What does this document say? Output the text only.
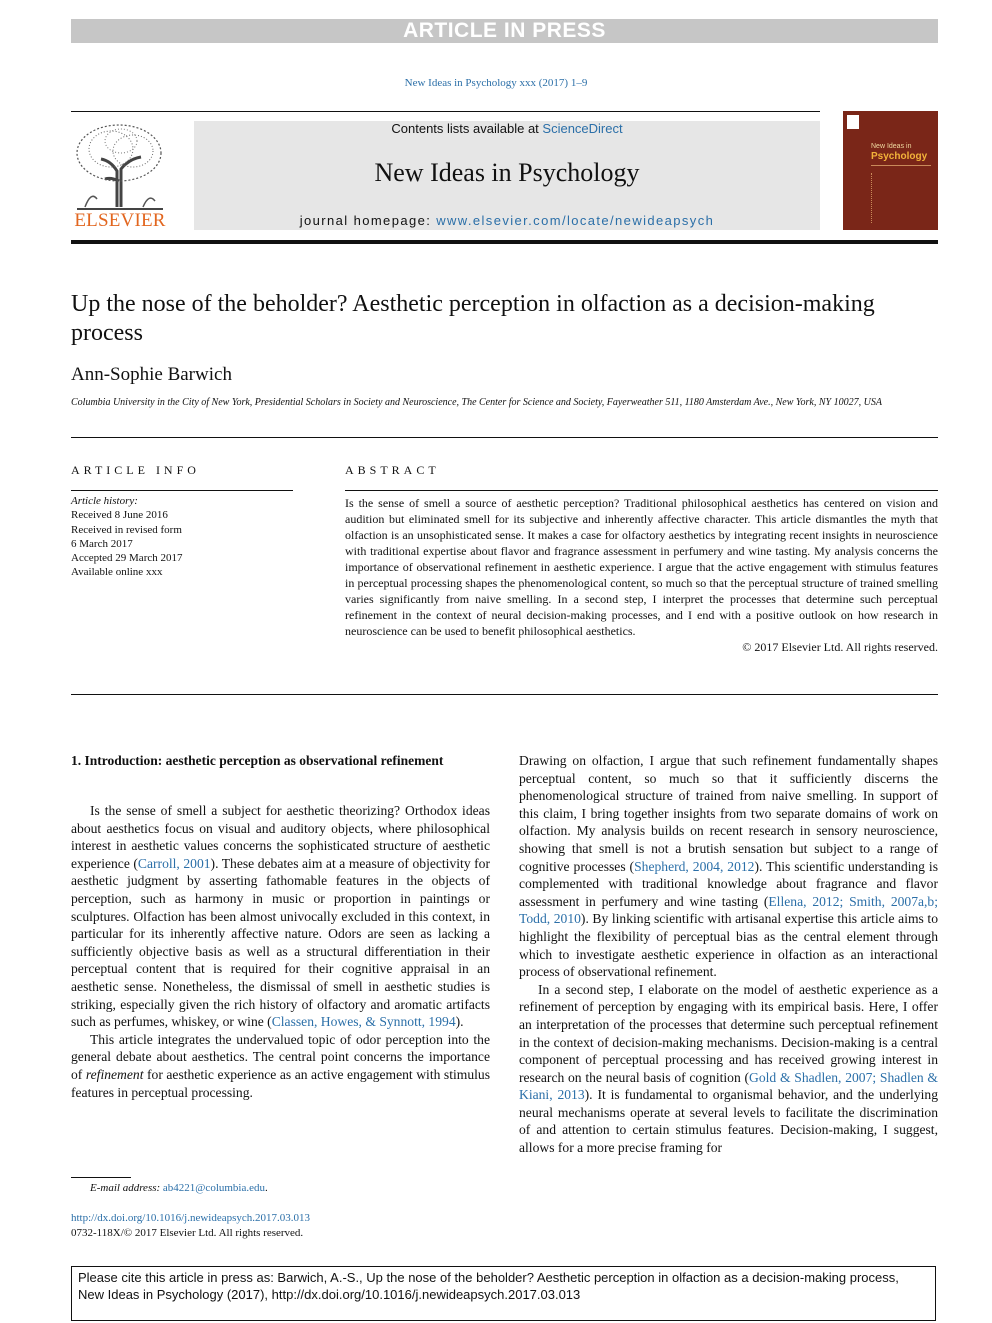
ARTICLE IN PRESS
New Ideas in Psychology xxx (2017) 1–9
ELSEVIER
Contents lists available at ScienceDirect
New Ideas in Psychology
journal homepage: www.elsevier.com/locate/newideapsych
New Ideas in
Psychology
Up the nose of the beholder? Aesthetic perception in olfaction as a decision-making process
Ann-Sophie Barwich
Columbia University in the City of New York, Presidential Scholars in Society and Neuroscience, The Center for Science and Society, Fayerweather 511, 1180 Amsterdam Ave., New York, NY 10027, USA
ARTICLE INFO
Article history:
Received 8 June 2016
Received in revised form
6 March 2017
Accepted 29 March 2017
Available online xxx
ABSTRACT
Is the sense of smell a source of aesthetic perception? Traditional philosophical aesthetics has centered on vision and audition but eliminated smell for its subjective and inherently affective character. This article dismantles the myth that olfaction is an unsophisticated sense. It makes a case for olfactory aesthetics by integrating recent insights in neuroscience with traditional expertise about flavor and fragrance assessment in perfumery and wine tasting. My analysis concerns the importance of observational refinement in aesthetic experience. I argue that the active engagement with stimulus features in perceptual processing shapes the phenomenological content, so much so that the perceptual structure of trained smelling varies significantly from naive smelling. In a second step, I interpret the processes that determine such perceptual refinement in the context of neural decision-making processes, and I end with a positive outlook on how research in neuroscience can be used to benefit philosophical aesthetics.
© 2017 Elsevier Ltd. All rights reserved.
1. Introduction: aesthetic perception as observational refinement

Is the sense of smell a subject for aesthetic theorizing? Orthodox ideas about aesthetics focus on visual and auditory objects, where philosophical interest in aesthetic values concerns the sophisticated structure of aesthetic experience (Carroll, 2001). These debates aim at a measure of objectivity for aesthetic judgment by asserting fathomable features in the objects of perception, such as harmony in music or proportion in paintings or sculptures. Olfaction has been almost univocally excluded in this context, in particular for its inherently affective nature. Odors are seen as lacking a sufficiently objective basis as well as a structural differentiation in their perceptual content that is required for their cognitive appraisal in an aesthetic sense. Nonetheless, the dismissal of smell in aesthetic studies is striking, especially given the rich history of olfactory and aromatic artifacts such as perfumes, whiskey, or wine (Classen, Howes, & Synnott, 1994).

This article integrates the undervalued topic of odor perception into the general debate about aesthetics. The central point concerns the importance of refinement for aesthetic experience as an active engagement with stimulus features in perceptual processing.

Drawing on olfaction, I argue that such refinement fundamentally shapes perceptual content, so much so that it sufficiently discerns the phenomenological structure of trained from naive smelling. In support of this claim, I bring together insights from two separate domains of work on olfaction. My analysis builds on recent research in sensory neuroscience, showing that smell is not a brutish sensation but subject to a range of cognitive processes (Shepherd, 2004, 2012). This scientific understanding is complemented with traditional knowledge about fragrance and flavor assessment in perfumery and wine tasting (Ellena, 2012; Smith, 2007a,b; Todd, 2010). By linking scientific with artisanal expertise this article aims to highlight the flexibility of perceptual bias as the central element through which to investigate aesthetic experience in olfaction as an interactional process of observational refinement.

In a second step, I elaborate on the model of aesthetic experience as a refinement of perception by engaging with its empirical basis. Here, I offer an interpretation of the processes that determine such perceptual refinement in the context of decision-making mechanisms. Decision-making is a central component of perceptual processing and has received growing interest in research on the neural basis of cognition (Gold & Shadlen, 2007; Shadlen & Kiani, 2013). It is fundamental to organismal behavior, and the underlying neural mechanisms operate at several levels to facilitate the discrimination of and attention to certain stimulus features. Decision-making, I suggest, allows for a more precise framing for

E-mail address: ab4221@columbia.edu.
http://dx.doi.org/10.1016/j.newideapsych.2017.03.013
0732-118X/© 2017 Elsevier Ltd. All rights reserved.
Please cite this article in press as: Barwich, A.-S., Up the nose of the beholder? Aesthetic perception in olfaction as a decision-making process,
New Ideas in Psychology (2017), http://dx.doi.org/10.1016/j.newideapsych.2017.03.013
